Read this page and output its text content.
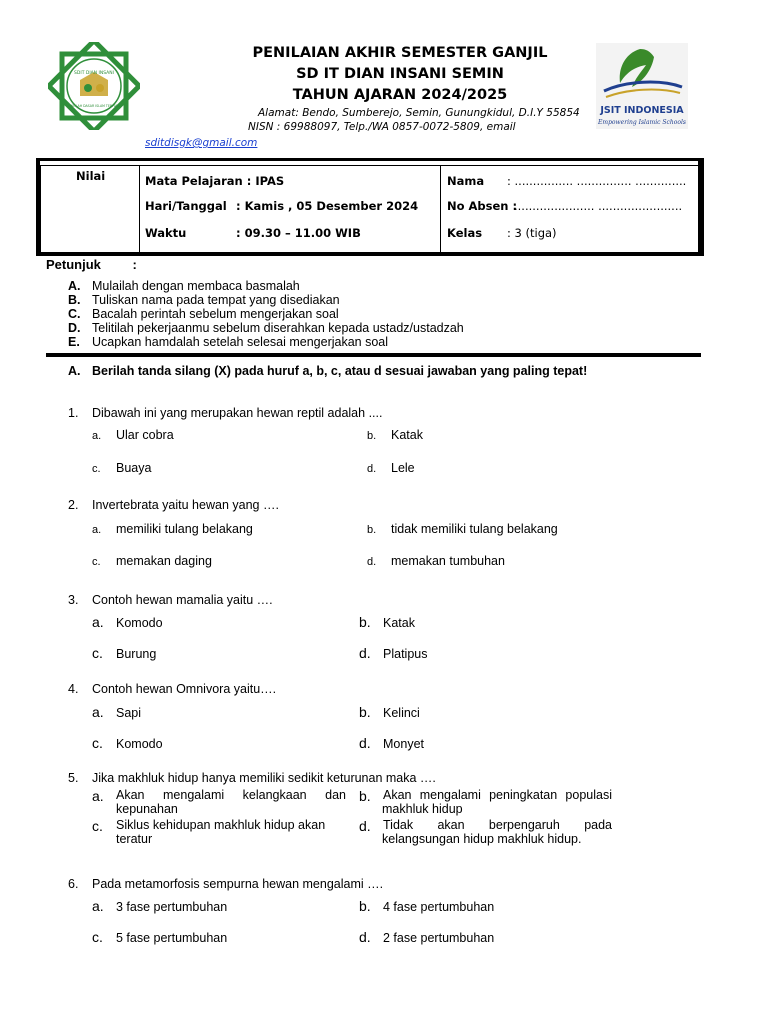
SDIT DIAN INSANI
SEKOLAH DASAR ISLAM TERPADU
PENILAIAN AKHIR SEMESTER GANJIL
SD IT DIAN INSANI SEMIN
TAHUN AJARAN 2024/2025
Alamat: Bendo, Sumberejo, Semin, Gunungkidul, D.I.Y 55854
NISN : 69988097, Telp./WA 0857-0072-5809, email
sditdisgk@gmail.com
JSIT INDONESIA
Empowering Islamic Schools
Nilai	Mata Pelajaran : IPAS
Hari/Tanggal : Kamis , 05 Desember 2024
Waktu	: 09.30 – 11.00 WIB
Nama : ................ ............... ..............
No Absen :
...................... .......................
Kelas : 3 (tiga)
Petunjuk :
A. Mulailah dengan membaca basmalah
B. Tuliskan nama pada tempat yang disediakan
C. Bacalah perintah sebelum mengerjakan soal
D. Telitilah pekerjaanmu sebelum diserahkan kepada ustadz/ustadzah
E. Ucapkan hamdalah setelah selesai mengerjakan soal
A. Berilah tanda silang (X) pada huruf a, b, c, atau d sesuai jawaban yang paling tepat!
1. Dibawah ini yang merupakan hewan reptil adalah ....
a. Ular cobra	b. Katak
c. Buaya	d. Lele
2. Invertebrata yaitu hewan yang ….
a. memiliki tulang belakang	b. tidak memiliki tulang belakang
c. memakan daging	d. memakan tumbuhan
3. Contoh hewan mamalia yaitu ….
a. Komodo	b. Katak
c. Burung	d. Platipus
4. Contoh hewan Omnivora yaitu….
a. Sapi	b. Kelinci
c. Komodo	d. Monyet
5. Jika makhluk hidup hanya memiliki sedikit keturunan maka ….
a. Akan mengalami kelangkaan dan
kepunahan
b. Akan mengalami peningkatan populasi
makhluk hidup
c.	Siklus kehidupan makhluk hidup akan
teratur
d. Tidak akan berpengaruh pada
kelangsungan hidup makhluk hidup.
6. Pada metamorfosis sempurna hewan mengalami ….
a. 3 fase pertumbuhan	b. 4 fase pertumbuhan
c. 5 fase pertumbuhan	d. 2 fase pertumbuhan
